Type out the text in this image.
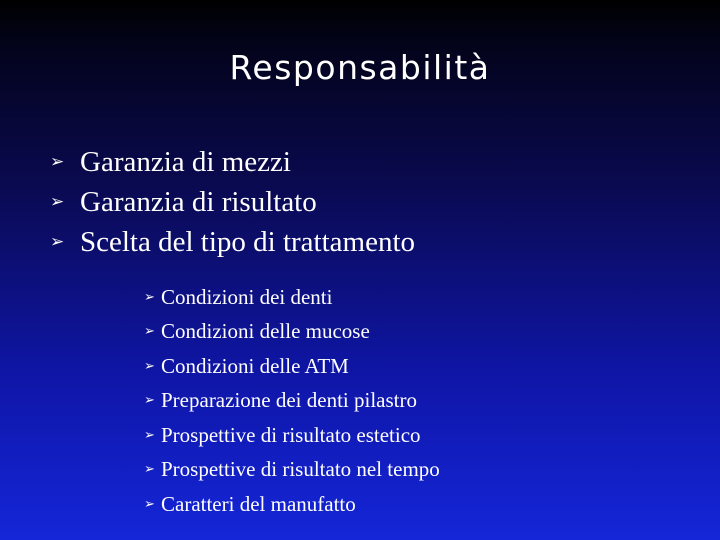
Responsabilità
➢ Garanzia di mezzi
➢ Garanzia di risultato
➢ Scelta del tipo di trattamento
➢ Condizioni dei denti
➢ Condizioni delle mucose
➢ Condizioni delle ATM
➢ Preparazione dei denti pilastro
➢ Prospettive di risultato estetico
➢ Prospettive di risultato nel tempo
➢ Caratteri del manufatto
